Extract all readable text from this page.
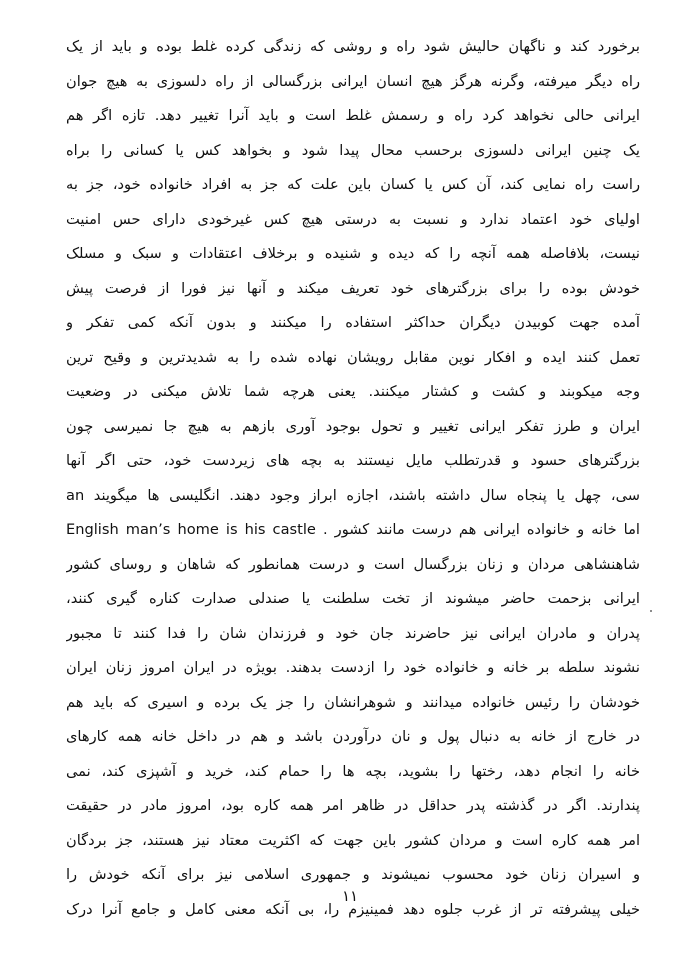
برخورد کند و ناگهان حالیش شود راه و روشی که زندگی کرده غلط بوده و باید از یک
راه دیگر میرفته، وگرنه هرگز هیچ انسان ایرانی بزرگسالی از راه دلسوزی به هیچ جوان
ایرانی حالی نخواهد کرد راه و رسمش غلط است و باید آنرا تغییر دهد. تازه اگر هم
یک چنین ایرانی دلسوزی برحسب محال پیدا شود و بخواهد کس یا کسانی را براه
راست راه نمایی کند، آن کس یا کسان باین علت که جز به افراد خانواده خود، جز به
اولیای خود اعتماد ندارد و نسبت به درستی هیچ کس غیرخودی دارای حس امنیت
نیست، بلافاصله همه آنچه را که دیده و شنیده و برخلاف اعتقادات و سبک و مسلک
خودش بوده را برای بزرگترهای خود تعریف میکند و آنها نیز فورا از فرصت پیش
آمده جهت کوبیدن دیگران حداکثر استفاده را میکنند و بدون آنکه کمی تفکر و
تعمل کنند ایده و افکار نوین مقابل رویشان نهاده شده را به شدیدترین و وقیح ترین
وجه میکوبند و کشت و کشتار میکنند. یعنی هرچه شما تلاش میکنی در وضعیت
ایران و طرز تفکر ایرانی تغییر و تحول بوجود آوری بازهم به هیچ جا نمیرسی چون
بزرگترهای حسود و قدرتطلب مایل نیستند به بچه های زیردست خود، حتی اگر آنها
سی، چهل یا پنجاه سال داشته باشند، اجازه ابراز وجود دهند. انگلیسی ها میگویند an
English man’s home is his castle . اما خانه و خانواده ایرانی هم درست مانند کشور
شاهنشاهی مردان و زنان بزرگسال است و درست همانطور که شاهان و روسای کشور
ایرانی بزحمت حاضر میشوند از تخت سلطنت یا صندلی صدارت کناره گیری کنند،
پدران و مادران ایرانی نیز حاضرند جان خود و فرزندان شان را فدا کنند تا مجبور
نشوند سلطه بر خانه و خانواده خود را ازدست بدهند. بویژه در ایران امروز زنان ایران
خودشان را رئیس خانواده میدانند و شوهرانشان را جز یک برده و اسیری که باید هم
در خارج از خانه به دنبال پول و نان درآوردن باشد و هم در داخل خانه همه کارهای
خانه را انجام دهد، رختها را بشوید، بچه ها را حمام کند، خرید و آشپزی کند، نمی
پندارند. اگر در گذشته پدر حداقل در ظاهر امر همه کاره بود، امروز مادر در حقیقت
امر همه کاره است و مردان کشور باین جهت که اکثریت معتاد نیز هستند، جز بردگان
و اسیران زنان خود محسوب نمیشوند و جمهوری اسلامی نیز برای آنکه خودش را
خیلی پیشرفته تر از غرب جلوه دهد فمینیزم را، بی آنکه معنی کامل و جامع آنرا درک
۱۱
